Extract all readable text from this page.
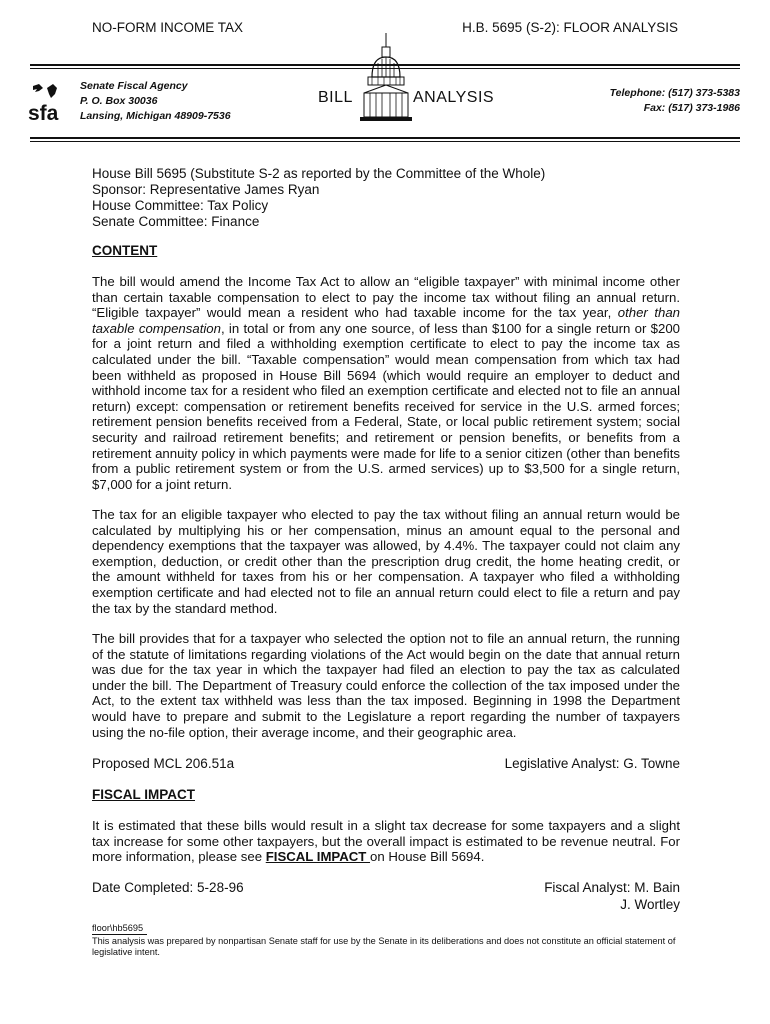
NO-FORM INCOME TAX	H.B. 5695 (S-2): FLOOR ANALYSIS
sfa
Senate Fiscal Agency
P. O. Box 30036
Lansing, Michigan 48909-7536
BILL	ANALYSIS	Telephone: (517) 373-5383
Fax: (517) 373-1986
House Bill 5695 (Substitute S-2 as reported by the Committee of the Whole)
Sponsor: Representative James Ryan
House Committee: Tax Policy
Senate Committee: Finance
CONTENT

The bill would amend the Income Tax Act to allow an “eligible taxpayer” with minimal income other than certain taxable compensation to elect to pay the income tax without filing an annual return. “Eligible taxpayer” would mean a resident who had taxable income for the tax year, other than taxable compensation, in total or from any one source, of less than $100 for a single return or $200 for a joint return and filed a withholding exemption certificate to elect to pay the income tax as calculated under the bill. “Taxable compensation” would mean compensation from which tax had been withheld as proposed in House Bill 5694 (which would require an employer to deduct and withhold income tax for a resident who filed an exemption certificate and elected not to file an annual return) except: compensation or retirement benefits received for service in the U.S. armed forces; retirement pension benefits received from a Federal, State, or local public retirement system; social security and railroad retirement benefits; and retirement or pension benefits, or benefits from a retirement annuity policy in which payments were made for life to a senior citizen (other than benefits from a public retirement system or from the U.S. armed services) up to $3,500 for a single return, $7,000 for a joint return.

The tax for an eligible taxpayer who elected to pay the tax without filing an annual return would be calculated by multiplying his or her compensation, minus an amount equal to the personal and dependency exemptions that the taxpayer was allowed, by 4.4%. The taxpayer could not claim any exemption, deduction, or credit other than the prescription drug credit, the home heating credit, or the amount withheld for taxes from his or her compensation. A taxpayer who filed a withholding exemption certificate and had elected not to file an annual return could elect to file a return and pay the tax by the standard method.

The bill provides that for a taxpayer who selected the option not to file an annual return, the running of the statute of limitations regarding violations of the Act would begin on the date that annual return was due for the tax year in which the taxpayer had filed an election to pay the tax as calculated under the bill. The Department of Treasury could enforce the collection of the tax imposed under the Act, to the extent tax withheld was less than the tax imposed. Beginning in 1998 the Department would have to prepare and submit to the Legislature a report regarding the number of taxpayers using the no-file option, their average income, and their geographic area.

Proposed MCL 206.51a	Legislative Analyst: G. Towne
FISCAL IMPACT

It is estimated that these bills would result in a slight tax decrease for some taxpayers and a slight tax increase for some other taxpayers, but the overall impact is estimated to be revenue neutral. For more information, please see FISCAL IMPACT on House Bill 5694.

Date Completed: 5-28-96	Fiscal Analyst: M. Bain
J. Wortley
floor\hb5695
This analysis was prepared by nonpartisan Senate staff for use by the Senate in its deliberations and does not constitute an official statement of legislative intent.
